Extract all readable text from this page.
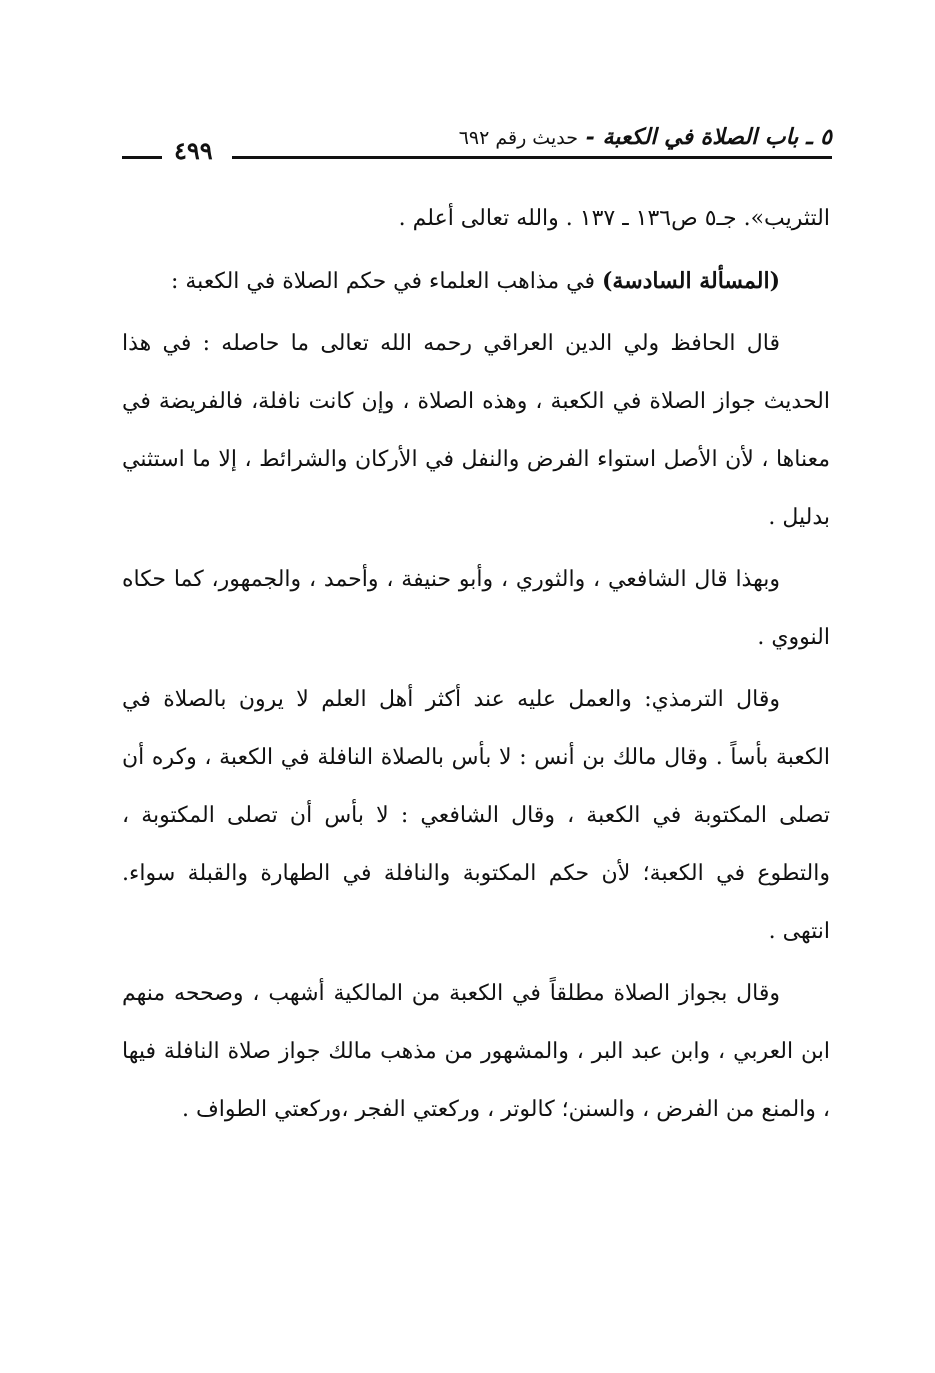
٥ ـ باب الصلاة في الكعبة - حديث رقم ٦٩٢
٤٩٩

التثريب». جـ٥ ص١٣٦ ـ ١٣٧ . والله تعالى أعلم .

(المسألة السادسة) في مذاهب العلماء في حكم الصلاة في الكعبة :

قال الحافظ ولي الدين العراقي رحمه الله تعالى ما حاصله : في هذا الحديث جواز الصلاة في الكعبة ، وهذه الصلاة ، وإن كانت نافلة، فالفريضة في معناها ، لأن الأصل استواء الفرض والنفل في الأركان والشرائط ، إلا ما استثني بدليل .

وبهذا قال الشافعي ، والثوري ، وأبو حنيفة ، وأحمد ، والجمهور، كما حكاه النووي .

وقال الترمذي: والعمل عليه عند أكثر أهل العلم لا يرون بالصلاة في الكعبة بأساً . وقال مالك بن أنس : لا بأس بالصلاة النافلة في الكعبة ، وكره أن تصلى المكتوبة في الكعبة ، وقال الشافعي : لا بأس أن تصلى المكتوبة ، والتطوع في الكعبة؛ لأن حكم المكتوبة والنافلة في الطهارة والقبلة سواء. انتهى .

وقال بجواز الصلاة مطلقاً في الكعبة من المالكية أشهب ، وصححه منهم ابن العربي ، وابن عبد البر ، والمشهور من مذهب مالك جواز صلاة النافلة فيها ، والمنع من الفرض ، والسنن؛ كالوتر ، وركعتي الفجر ،وركعتي الطواف .
